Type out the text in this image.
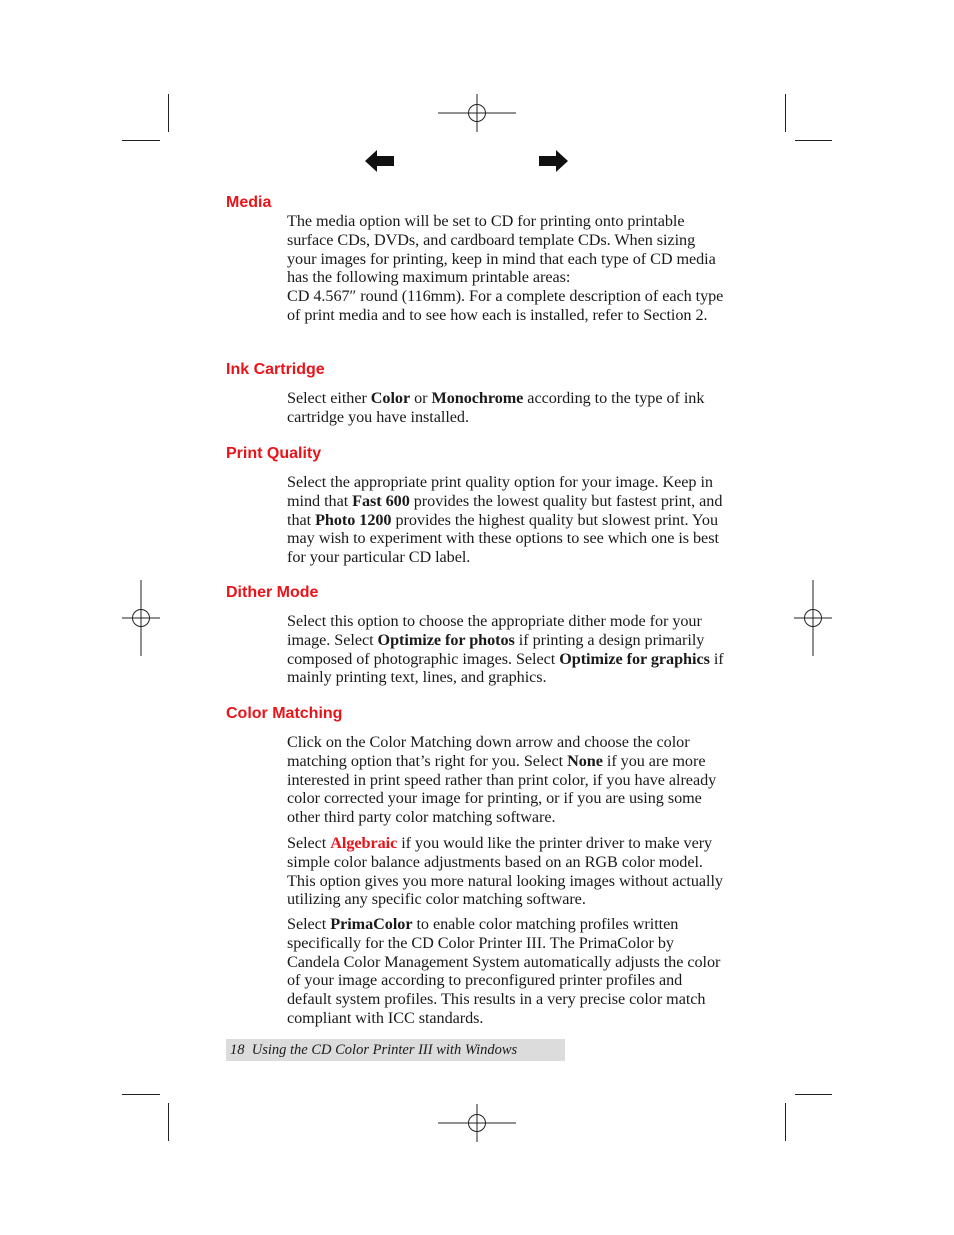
Media

The media option will be set to CD for printing onto printable surface CDs, DVDs, and cardboard template CDs. When sizing your images for printing, keep in mind that each type of CD media has the following maximum printable areas:
CD 4.567″ round (116mm). For a complete description of each type of print media and to see how each is installed, refer to Section 2.

Ink Cartridge

Select either Color or Monochrome according to the type of ink cartridge you have installed.

Print Quality

Select the appropriate print quality option for your image. Keep in mind that Fast 600 provides the lowest quality but fastest print, and that Photo 1200 provides the highest quality but slowest print. You may wish to experiment with these options to see which one is best for your particular CD label.

Dither Mode

Select this option to choose the appropriate dither mode for your image. Select Optimize for photos if printing a design primarily composed of photographic images. Select Optimize for graphics if mainly printing text, lines, and graphics.

Color Matching

Click on the Color Matching down arrow and choose the color matching option that’s right for you. Select None if you are more interested in print speed rather than print color, if you have already color corrected your image for printing, or if you are using some other third party color matching software.

Select Algebraic if you would like the printer driver to make very simple color balance adjustments based on an RGB color model. This option gives you more natural looking images without actually utilizing any specific color matching software.

Select PrimaColor to enable color matching profiles written specifically for the CD Color Printer III. The PrimaColor by Candela Color Management System automatically adjusts the color of your image according to preconfigured printer profiles and default system profiles. This results in a very precise color match compliant with ICC standards.

18 Using the CD Color Printer III with Windows
